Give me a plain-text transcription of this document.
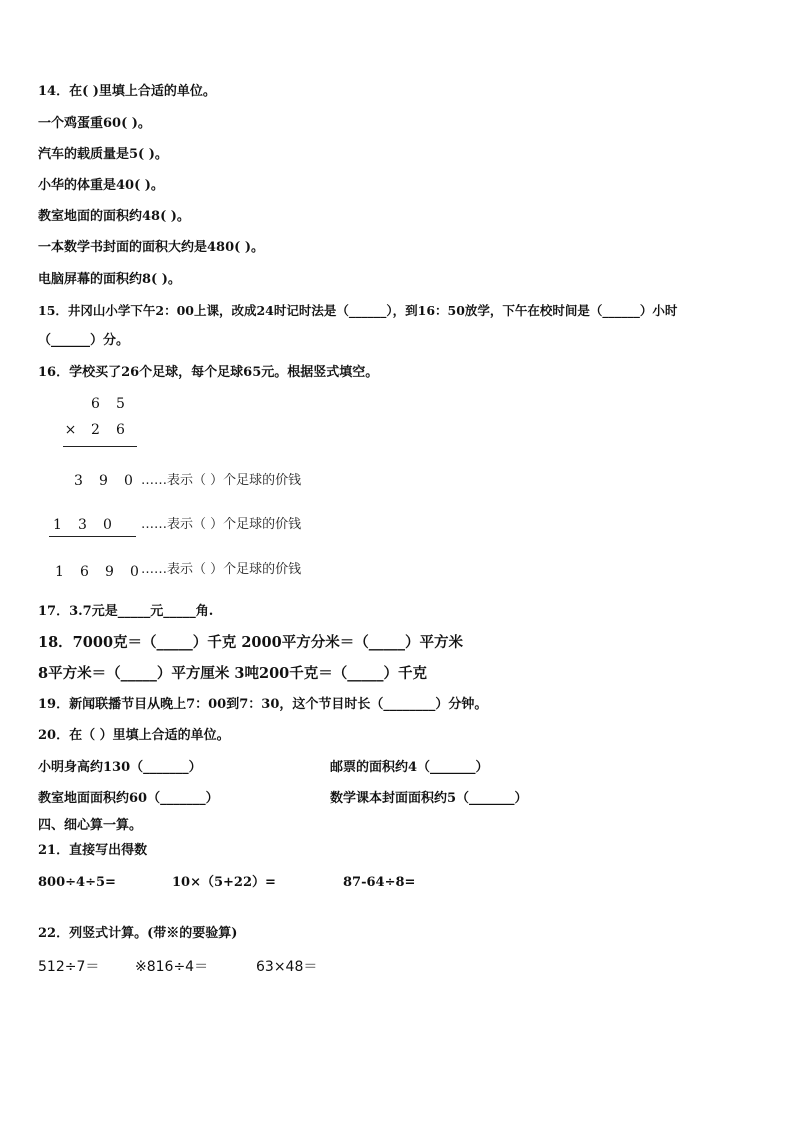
14．在( )里填上合适的单位。
一个鸡蛋重60( )。
汽车的载质量是5( )。
小华的体重是40( )。
教室地面的面积约48( )。
一本数学书封面的面积大约是480( )。
电脑屏幕的面积约8( )。
15．井冈山小学下午2：00上课，改成24时记时法是（______），到16：50放学，下午在校时间是（______）小时
（______）分。
16．学校买了26个足球，每个足球65元。根据竖式填空。
6 5
× 2 6
3 9 0 ……表示（ ）个足球的价钱
1 3 0	……表示（ ）个足球的价钱
1 6 9 0 ……表示（ ）个足球的价钱
17．3.7元是_____元_____角.
18．7000克＝（_____）千克 2000平方分米＝（_____）平方米
8平方米＝（_____）平方厘米 3吨200千克＝（_____）千克
19．新闻联播节目从晚上7：00到7：30，这个节目时长（________）分钟。
20．在（ ）里填上合适的单位。
小明身高约130（_______）	邮票的面积约4（_______）
教室地面面积约60（_______）	数学课本封面面积约5（_______）
四、细心算一算。
21．直接写出得数
800÷4÷5=	10×（5+22）=	87-64÷8=
22．列竖式计算。(带※的要验算)
512÷7＝	※816÷4＝	63×48＝
